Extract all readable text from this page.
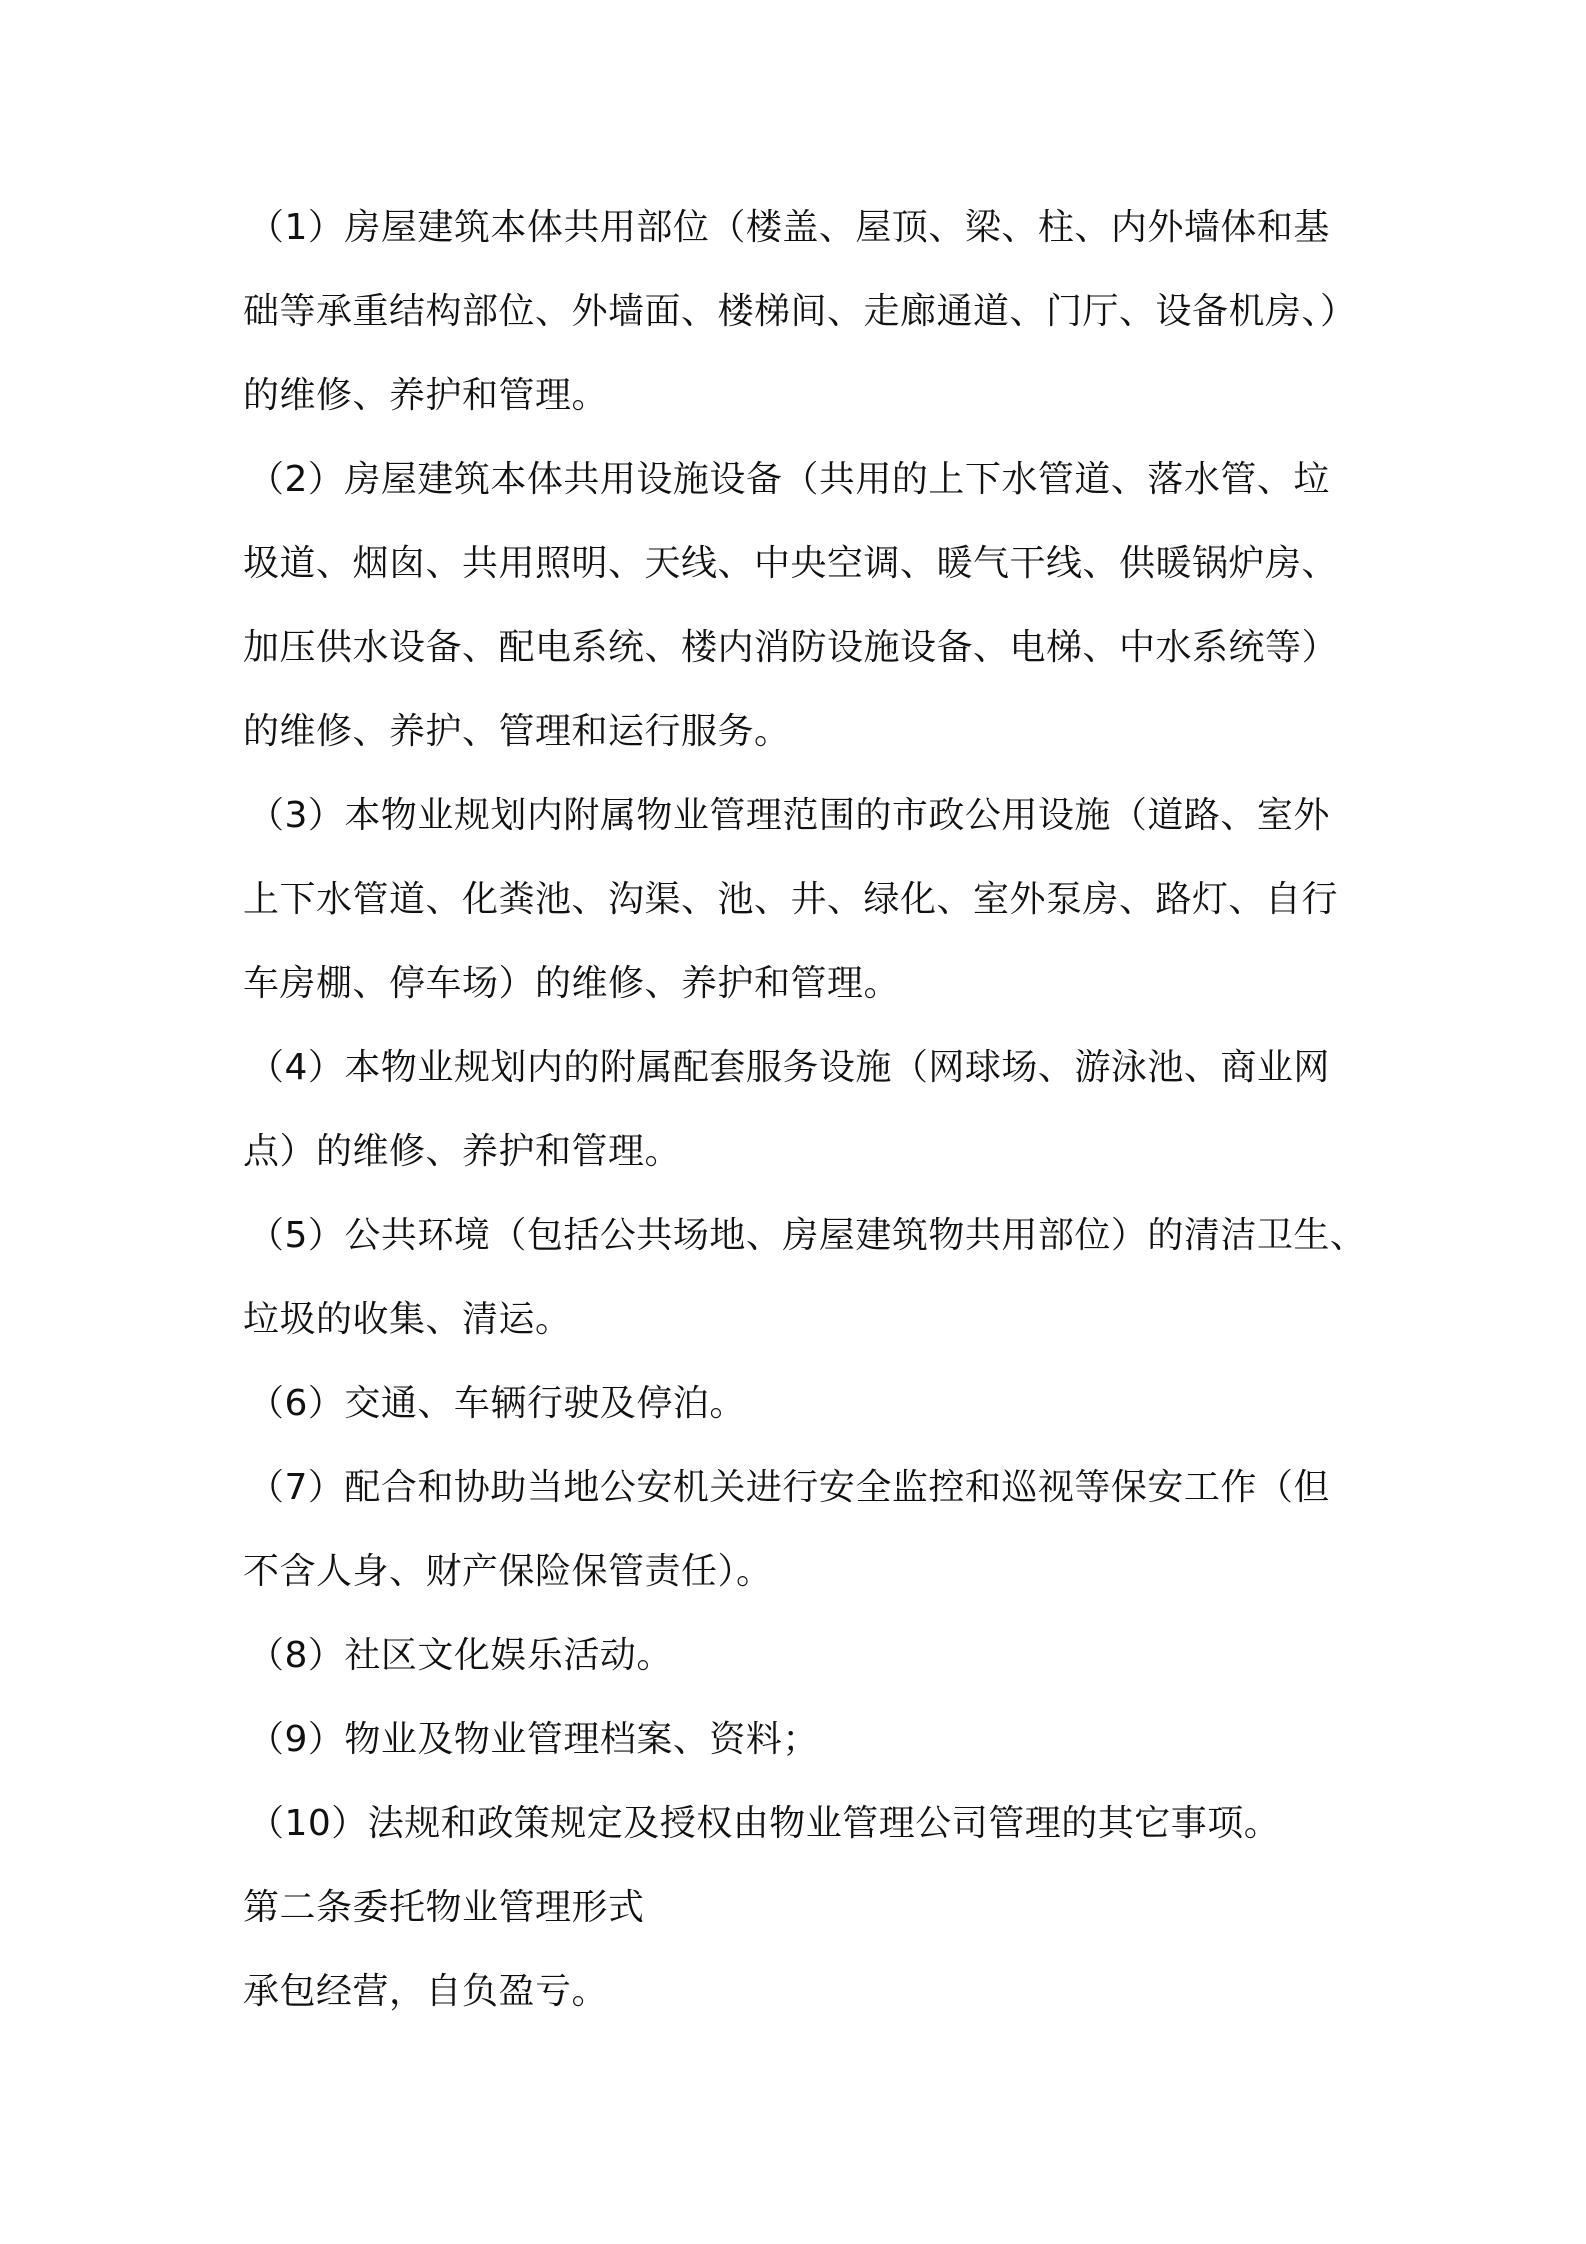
（1）房屋建筑本体共用部位（楼盖、屋顶、梁、柱、内外墙体和基
础等承重结构部位、外墙面、楼梯间、走廊通道、门厅、设备机房、）
的维修、养护和管理。
（2）房屋建筑本体共用设施设备（共用的上下水管道、落水管、垃
圾道、烟囱、共用照明、天线、中央空调、暖气干线、供暖锅炉房、
加压供水设备、配电系统、楼内消防设施设备、电梯、中水系统等）
的维修、养护、管理和运行服务。
（3）本物业规划内附属物业管理范围的市政公用设施（道路、室外
上下水管道、化粪池、沟渠、池、井、绿化、室外泵房、路灯、自行
车房棚、停车场）的维修、养护和管理。
（4）本物业规划内的附属配套服务设施（网球场、游泳池、商业网
点）的维修、养护和管理。
（5）公共环境（包括公共场地、房屋建筑物共用部位）的清洁卫生、
垃圾的收集、清运。
（6）交通、车辆行驶及停泊。
（7）配合和协助当地公安机关进行安全监控和巡视等保安工作（但
不含人身、财产保险保管责任）。
（8）社区文化娱乐活动。
（9）物业及物业管理档案、资料；
（10）法规和政策规定及授权由物业管理公司管理的其它事项。
第二条委托物业管理形式
承包经营，自负盈亏。
